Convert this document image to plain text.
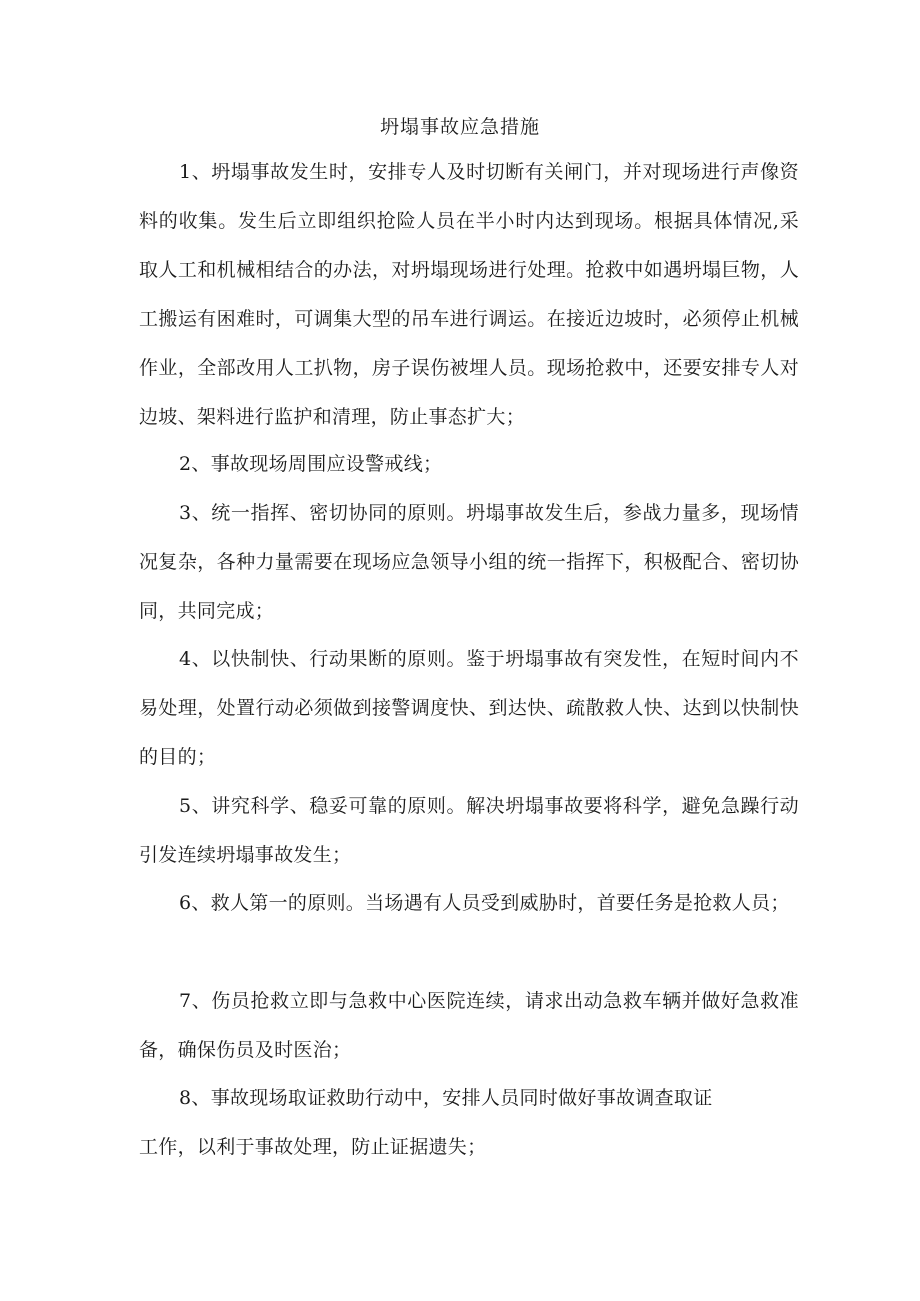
坍塌事故应急措施
1、坍塌事故发生时，安排专人及时切断有关闸门，并对现场进行声像资料的收集。发生后立即组织抢险人员在半小时内达到现场。根据具体情况,采取人工和机械相结合的办法，对坍塌现场进行处理。抢救中如遇坍塌巨物，人工搬运有困难时，可调集大型的吊车进行调运。在接近边坡时，必须停止机械作业，全部改用人工扒物，房子误伤被埋人员。现场抢救中，还要安排专人对边坡、架料进行监护和清理，防止事态扩大；
2、事故现场周围应设警戒线；
3、统一指挥、密切协同的原则。坍塌事故发生后，参战力量多，现场情况复杂，各种力量需要在现场应急领导小组的统一指挥下，积极配合、密切协同，共同完成；
4、以快制快、行动果断的原则。鉴于坍塌事故有突发性，在短时间内不易处理，处置行动必须做到接警调度快、到达快、疏散救人快、达到以快制快的目的；
5、讲究科学、稳妥可靠的原则。解决坍塌事故要将科学，避免急躁行动引发连续坍塌事故发生；
6、救人第一的原则。当场遇有人员受到威胁时，首要任务是抢救人员；
7、伤员抢救立即与急救中心医院连续，请求出动急救车辆并做好急救准备，确保伤员及时医治；
8、事故现场取证救助行动中，安排人员同时做好事故调查取证
工作，以利于事故处理，防止证据遗失；
